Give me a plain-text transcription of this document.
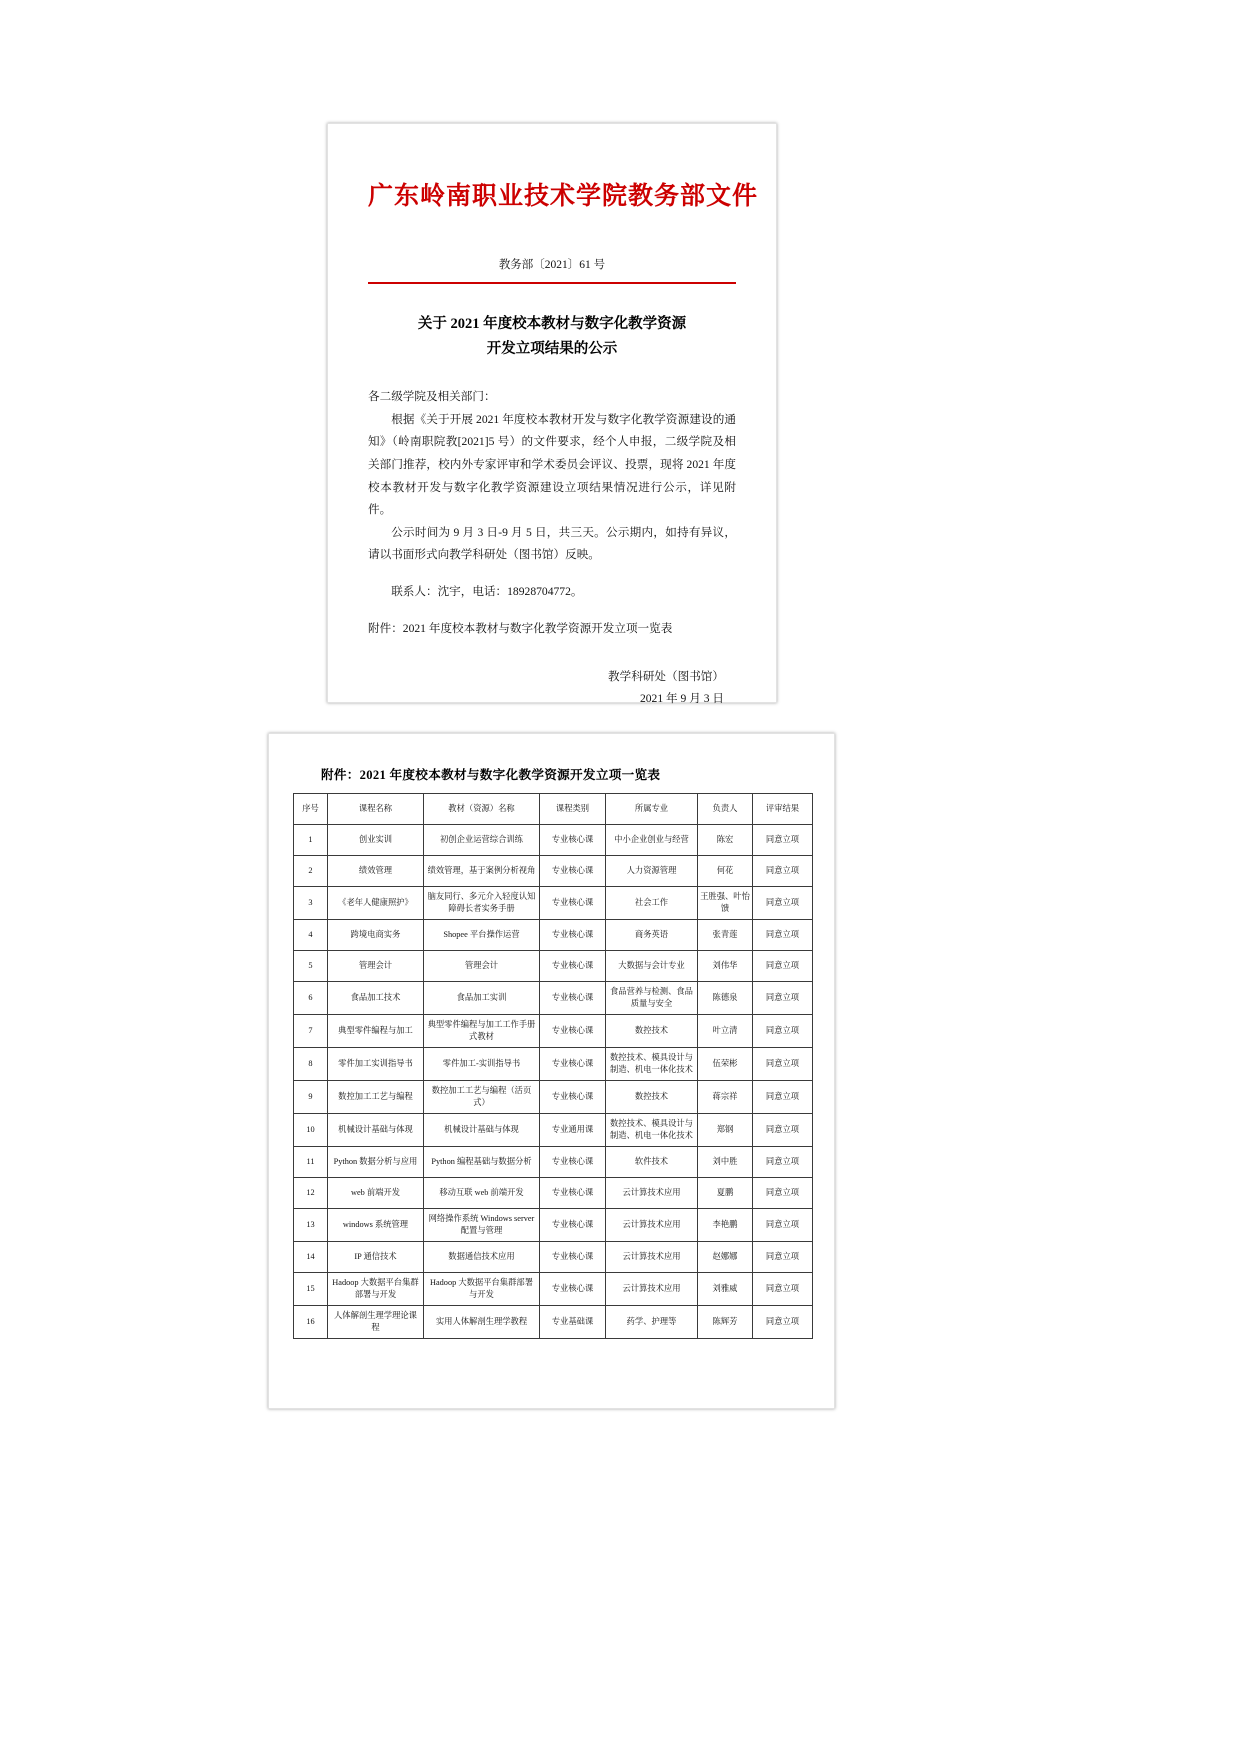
广东岭南职业技术学院教务部文件
教务部〔2021〕61 号
关于 2021 年度校本教材与数字化教学资源
开发立项结果的公示

各二级学院及相关部门：

根据《关于开展 2021 年度校本教材开发与数字化教学资源建设的通知》（岭南职院教[2021]5 号）的文件要求，经个人申报，二级学院及相关部门推荐，校内外专家评审和学术委员会评议、投票，现将 2021 年度校本教材开发与数字化教学资源建设立项结果情况进行公示，详见附件。

公示时间为 9 月 3 日-9 月 5 日，共三天。公示期内，如持有异议，请以书面形式向教学科研处（图书馆）反映。

联系人：沈宇，电话：18928704772。

附件：2021 年度校本教材与数字化教学资源开发立项一览表

教学科研处（图书馆）
2021 年 9 月 3 日
附件：2021 年度校本教材与数字化教学资源开发立项一览表
序号	课程名称	教材（资源）名称	课程类别	所属专业	负责人	评审结果
1	创业实训	初创企业运营综合训练	专业核心课	中小企业创业与经营	陈宏	同意立项
2	绩效管理	绩效管理，基于案例分析视角	专业核心课	人力资源管理	何花	同意立项
3	《老年人健康照护》	脑友同行、多元介入轻度认知障碍长者实务手册	专业核心课	社会工作	王胜强、叶怡馈	同意立项
4	跨境电商实务	Shopee 平台操作运营	专业核心课	商务英语	张青莲	同意立项
5	管理会计	管理会计	专业核心课	大数据与会计专业	刘伟华	同意立项
6	食品加工技术	食品加工实训	专业核心课	食品营养与检测、食品质量与安全	陈德泉	同意立项
7	典型零件编程与加工	典型零件编程与加工工作手册式教材	专业核心课	数控技术	叶立清	同意立项
8	零件加工实训指导书	零件加工-实训指导书	专业核心课	数控技术、模具设计与制造、机电一体化技术	伍荣彬	同意立项
9	数控加工工艺与编程	数控加工工艺与编程（活页式）	专业核心课	数控技术	蒋宗祥	同意立项
10	机械设计基础与体现	机械设计基础与体现	专业通用课	数控技术、模具设计与制造、机电一体化技术	郑钢	同意立项
11	Python 数据分析与应用	Python 编程基础与数据分析	专业核心课	软件技术	刘中胜	同意立项
12	web 前端开发	移动互联 web 前端开发	专业核心课	云计算技术应用	夏鹏	同意立项
13	windows 系统管理	网络操作系统 Windows server 配置与管理	专业核心课	云计算技术应用	李艳鹏	同意立项
14	IP 通信技术	数据通信技术应用	专业核心课	云计算技术应用	赵娜娜	同意立项
15	Hadoop 大数据平台集群部署与开发	Hadoop 大数据平台集群部署与开发	专业核心课	云计算技术应用	刘雅威	同意立项
16	人体解剖生理学理论课程	实用人体解剖生理学教程	专业基础课	药学、护理等	陈辉芳	同意立项
